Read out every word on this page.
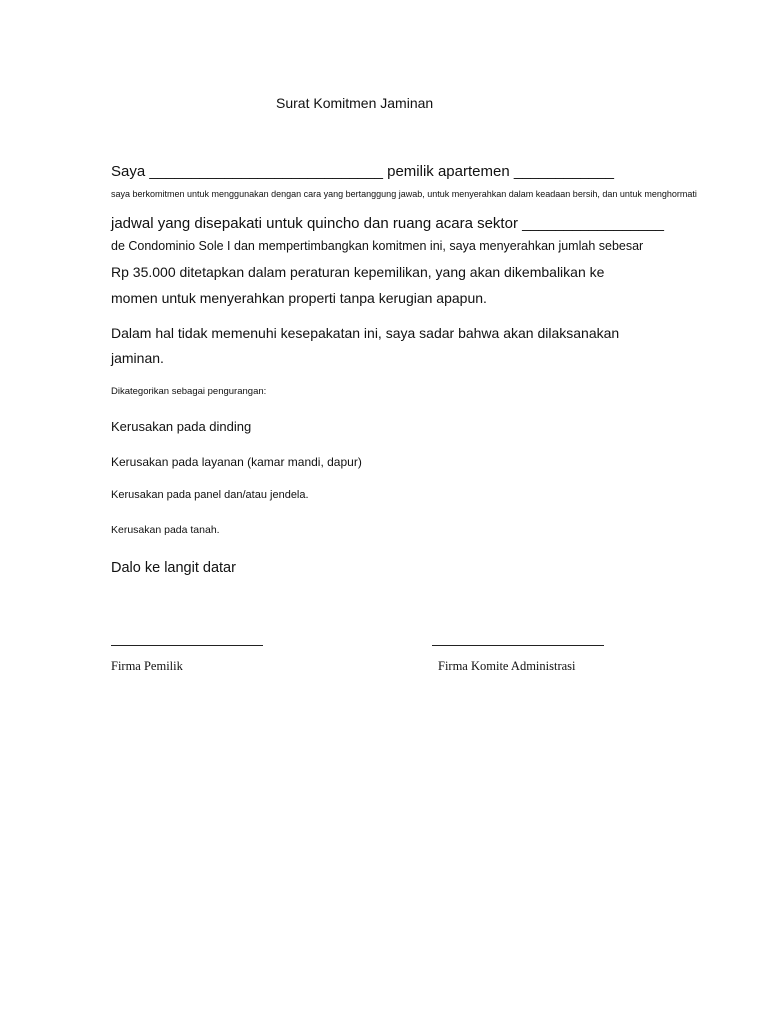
Surat Komitmen Jaminan
Saya ____________________________ pemilik apartemen ____________
saya berkomitmen untuk menggunakan dengan cara yang bertanggung jawab, untuk menyerahkan dalam keadaan bersih, dan untuk menghormati
jadwal yang disepakati untuk quincho dan ruang acara sektor _________________
de Condominio Sole I dan mempertimbangkan komitmen ini, saya menyerahkan jumlah sebesar
Rp 35.000 ditetapkan dalam peraturan kepemilikan, yang akan dikembalikan ke
momen untuk menyerahkan properti tanpa kerugian apapun.
Dalam hal tidak memenuhi kesepakatan ini, saya sadar bahwa akan dilaksanakan
jaminan.
Dikategorikan sebagai pengurangan:
Kerusakan pada dinding
Kerusakan pada layanan (kamar mandi, dapur)
Kerusakan pada panel dan/atau jendela.
Kerusakan pada tanah.
Dalo ke langit datar
Firma Pemilik	Firma Komite Administrasi
